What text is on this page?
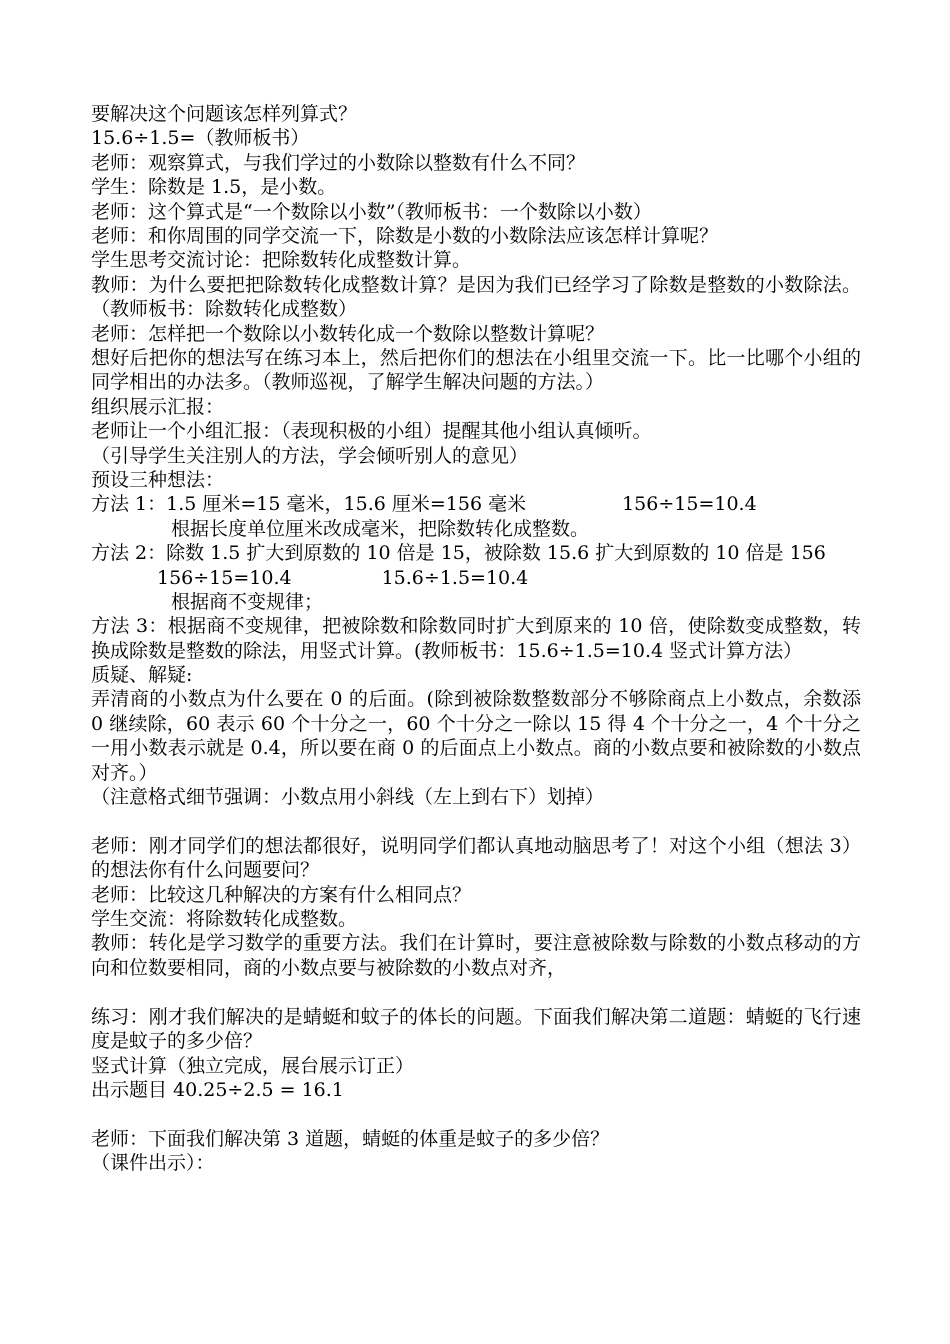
要解决这个问题该怎样列算式？
15.6÷1.5=（教师板书）
老师：观察算式，与我们学过的小数除以整数有什么不同？
学生：除数是 1.5，是小数。
老师：这个算式是“一个数除以小数”（教师板书：一个数除以小数）
老师：和你周围的同学交流一下，除数是小数的小数除法应该怎样计算呢？
学生思考交流讨论：把除数转化成整数计算。
教师：为什么要把把除数转化成整数计算？是因为我们已经学习了除数是整数的小数除法。（教师板书：除数转化成整数）
老师：怎样把一个数除以小数转化成一个数除以整数计算呢？
想好后把你的想法写在练习本上，然后把你们的想法在小组里交流一下。比一比哪个小组的同学相出的办法多。（教师巡视，了解学生解决问题的方法。）
组织展示汇报：
老师让一个小组汇报：（表现积极的小组）提醒其他小组认真倾听。
（引导学生关注别人的方法，学会倾听别人的意见）
预设三种想法：
方法 1：1.5 厘米=15 毫米，15.6 厘米=156 毫米	156÷15=10.4
根据长度单位厘米改成毫米，把除数转化成整数。
方法 2：除数 1.5 扩大到原数的 10 倍是 15，被除数 15.6 扩大到原数的 10 倍是 156
156÷15=10.4	15.6÷1.5=10.4
根据商不变规律；
方法 3：根据商不变规律，把被除数和除数同时扩大到原来的 10 倍，使除数变成整数，转换成除数是整数的除法，用竖式计算。(教师板书：15.6÷1.5=10.4 竖式计算方法）
质疑、解疑:
弄清商的小数点为什么要在 0 的后面。(除到被除数整数部分不够除商点上小数点，余数添 0 继续除，60 表示 60 个十分之一，60 个十分之一除以 15 得 4 个十分之一，4 个十分之一用小数表示就是 0.4，所以要在商 0 的后面点上小数点。商的小数点要和被除数的小数点对齐。）
（注意格式细节强调：小数点用小斜线（左上到右下）划掉）
老师：刚才同学们的想法都很好，说明同学们都认真地动脑思考了！对这个小组（想法 3）的想法你有什么问题要问？
老师：比较这几种解决的方案有什么相同点？
学生交流：将除数转化成整数。
教师：转化是学习数学的重要方法。我们在计算时，要注意被除数与除数的小数点移动的方向和位数要相同，商的小数点要与被除数的小数点对齐，
练习：刚才我们解决的是蜻蜓和蚊子的体长的问题。下面我们解决第二道题：蜻蜓的飞行速度是蚊子的多少倍？
竖式计算（独立完成，展台展示订正）
出示题目 40.25÷2.5 = 16.1
老师：下面我们解决第 3 道题，蜻蜓的体重是蚊子的多少倍？
（课件出示）：
